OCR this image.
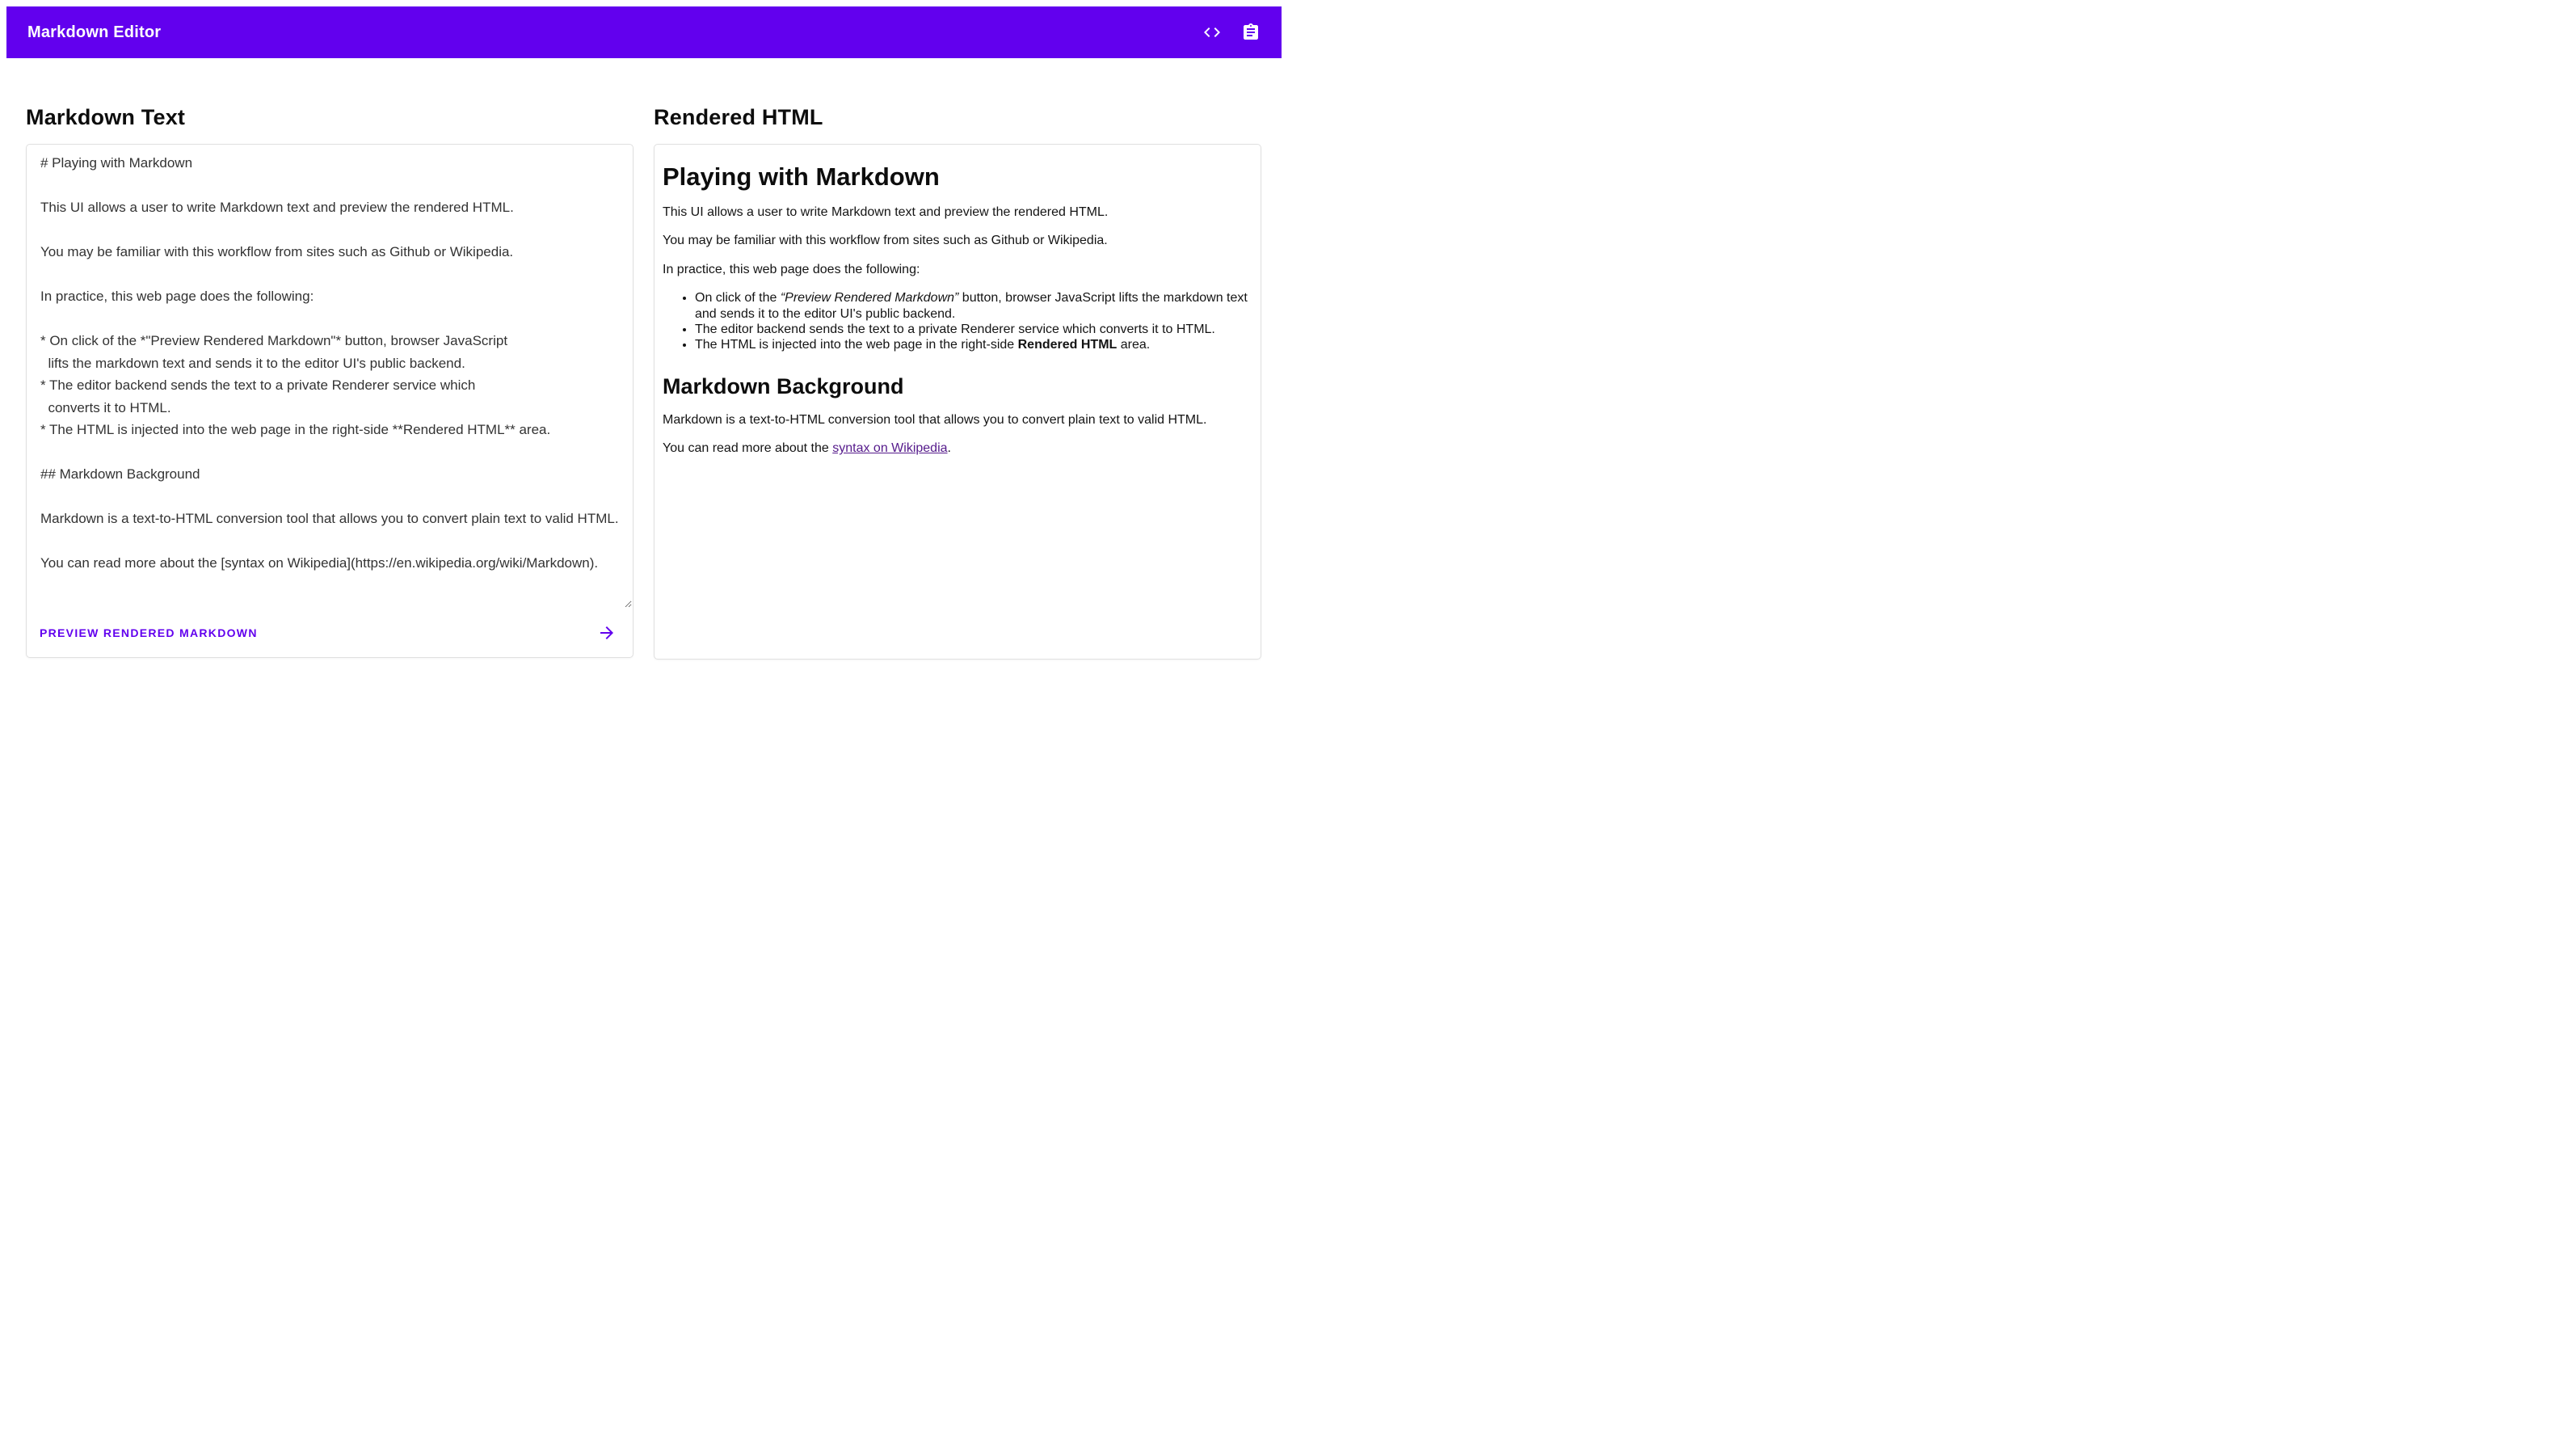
Markdown Editor
Markdown Text
# Playing with Markdown This UI allows a user to write Markdown text and preview the rendered HTML. You may be familiar with this workflow from sites such as Github or Wikipedia. In practice, this web page does the following: * On click of the *"Preview Rendered Markdown"* button, browser JavaScript lifts the markdown text and sends it to the editor UI's public backend. * The editor backend sends the text to a private Renderer service which converts it to HTML. * The HTML is injected into the web page in the right-side **Rendered HTML** area. ## Markdown Background Markdown is a text-to-HTML conversion tool that allows you to convert plain text to valid HTML. You can read more about the [syntax on Wikipedia](https://en.wikipedia.org/wiki/Markdown).
PREVIEW RENDERED MARKDOWN
Rendered HTML
Playing with Markdown

This UI allows a user to write Markdown text and preview the rendered HTML.

You may be familiar with this workflow from sites such as Github or Wikipedia.

In practice, this web page does the following:

• On click of the “Preview Rendered Markdown” button, browser JavaScript lifts the markdown text and sends it to the editor UI's public backend.
• The editor backend sends the text to a private Renderer service which converts it to HTML.
• The HTML is injected into the web page in the right-side Rendered HTML area.
Markdown Background

Markdown is a text-to-HTML conversion tool that allows you to convert plain text to valid HTML.

You can read more about the syntax on Wikipedia.
